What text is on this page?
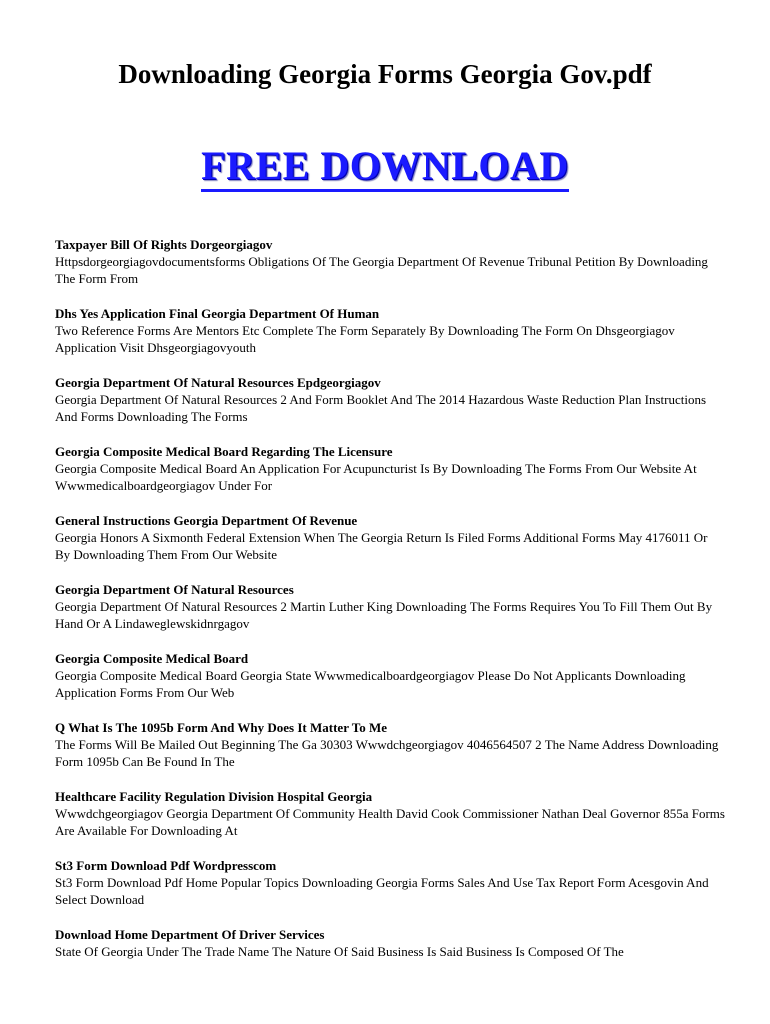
Downloading Georgia Forms Georgia Gov.pdf
FREE DOWNLOAD

Taxpayer Bill Of Rights Dorgeorgiagov

Httpsdorgeorgiagovdocumentsforms Obligations Of The Georgia Department Of Revenue Tribunal Petition By Downloading The Form From

Dhs Yes Application Final Georgia Department Of Human

Two Reference Forms Are Mentors Etc Complete The Form Separately By Downloading The Form On Dhsgeorgiagov Application Visit Dhsgeorgiagovyouth

Georgia Department Of Natural Resources Epdgeorgiagov

Georgia Department Of Natural Resources 2 And Form Booklet And The 2014 Hazardous Waste Reduction Plan Instructions And Forms Downloading The Forms

Georgia Composite Medical Board Regarding The Licensure

Georgia Composite Medical Board An Application For Acupuncturist Is By Downloading The Forms From Our Website At Wwwmedicalboardgeorgiagov Under For

General Instructions Georgia Department Of Revenue

Georgia Honors A Sixmonth Federal Extension When The Georgia Return Is Filed Forms Additional Forms May 4176011 Or By Downloading Them From Our Website

Georgia Department Of Natural Resources

Georgia Department Of Natural Resources 2 Martin Luther King Downloading The Forms Requires You To Fill Them Out By Hand Or A Lindaweglewskidnrgagov

Georgia Composite Medical Board

Georgia Composite Medical Board Georgia State Wwwmedicalboardgeorgiagov Please Do Not Applicants Downloading Application Forms From Our Web

Q What Is The 1095b Form And Why Does It Matter To Me

The Forms Will Be Mailed Out Beginning The Ga 30303 Wwwdchgeorgiagov 4046564507 2 The Name Address Downloading Form 1095b Can Be Found In The

Healthcare Facility Regulation Division Hospital Georgia

Wwwdchgeorgiagov Georgia Department Of Community Health David Cook Commissioner Nathan Deal Governor 855a Forms Are Available For Downloading At

St3 Form Download Pdf Wordpresscom

St3 Form Download Pdf Home Popular Topics Downloading Georgia Forms Sales And Use Tax Report Form Acesgovin And Select Download

Download Home Department Of Driver Services

State Of Georgia Under The Trade Name The Nature Of Said Business Is Said Business Is Composed Of The
